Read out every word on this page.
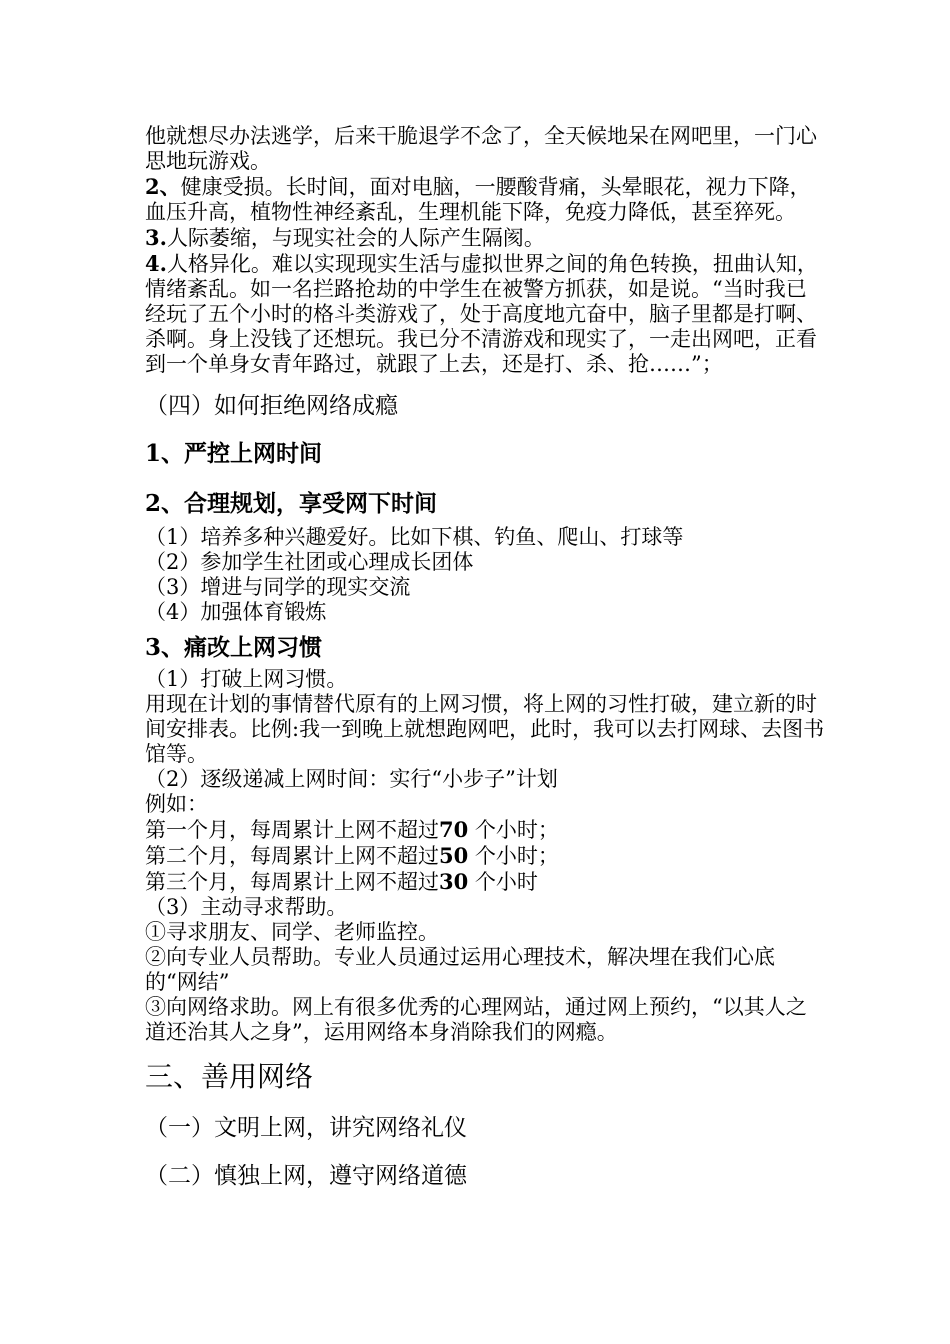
他就想尽办法逃学，后来干脆退学不念了，全天候地呆在网吧里，一门心思地玩游戏。

2、健康受损。长时间，面对电脑，一腰酸背痛，头晕眼花，视力下降，血压升高，植物性神经紊乱，生理机能下降，免疫力降低，甚至猝死。

3.人际萎缩，与现实社会的人际产生隔阂。

4.人格异化。难以实现现实生活与虚拟世界之间的角色转换，扭曲认知，情绪紊乱。如一名拦路抢劫的中学生在被警方抓获，如是说。“当时我已经玩了五个小时的格斗类游戏了，处于高度地亢奋中，脑子里都是打啊、杀啊。身上没钱了还想玩。我已分不清游戏和现实了，一走出网吧，正看到一个单身女青年路过，就跟了上去，还是打、杀、抢……”；

（四）如何拒绝网络成瘾

1、严控上网时间

2、合理规划，享受网下时间

（1）培养多种兴趣爱好。比如下棋、钓鱼、爬山、打球等

（2）参加学生社团或心理成长团体

（3）增进与同学的现实交流

（4）加强体育锻炼

3、痛改上网习惯

（1）打破上网习惯。

用现在计划的事情替代原有的上网习惯，将上网的习性打破，建立新的时间安排表。比例:我一到晚上就想跑网吧，此时，我可以去打网球、去图书馆等。

（2）逐级递减上网时间：实行“小步子”计划

例如：

第一个月，每周累计上网不超过70 个小时；

第二个月，每周累计上网不超过50 个小时；

第三个月，每周累计上网不超过30 个小时

（3）主动寻求帮助。

①寻求朋友、同学、老师监控。

②向专业人员帮助。专业人员通过运用心理技术，解决埋在我们心底的“网结”

③向网络求助。网上有很多优秀的心理网站，通过网上预约，“以其人之道还治其人之身”，运用网络本身消除我们的网瘾。

三、善用网络

（一）文明上网，讲究网络礼仪

（二）慎独上网，遵守网络道德
